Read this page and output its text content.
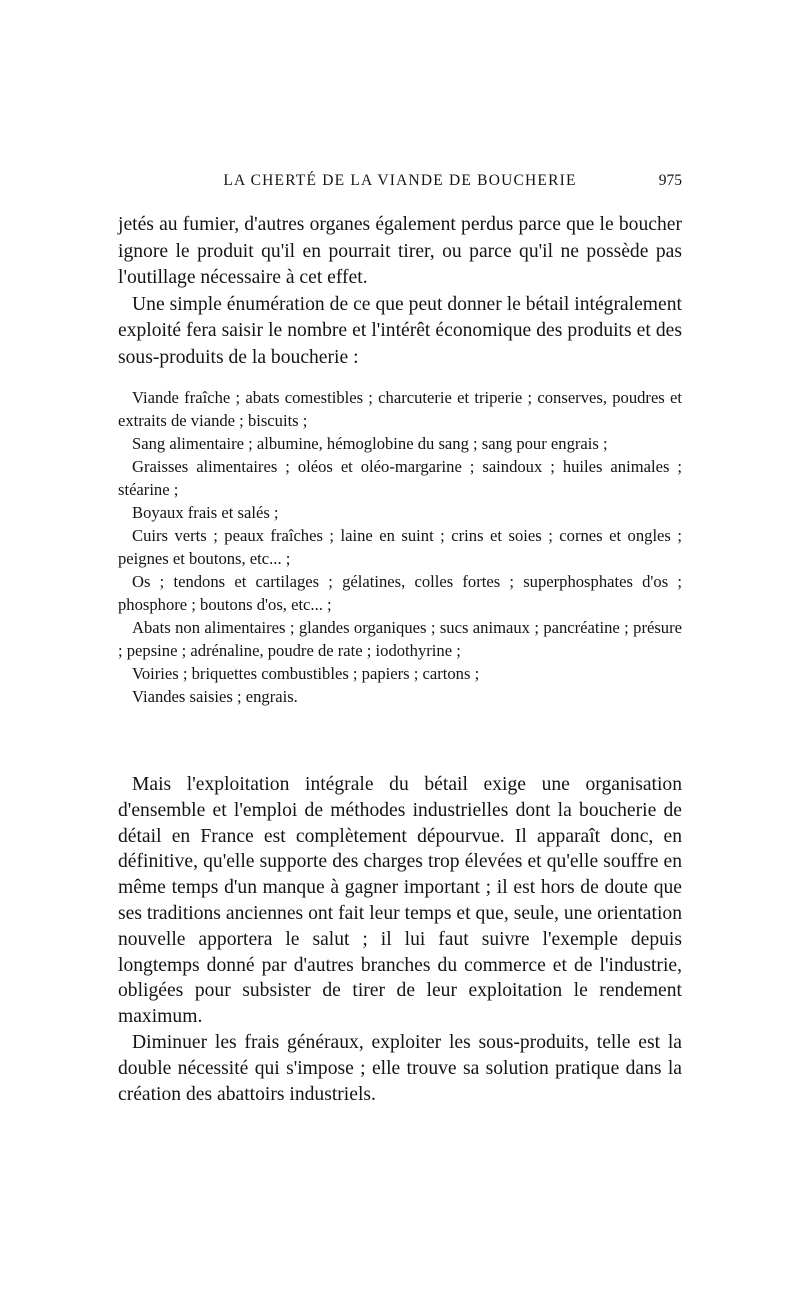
LA CHERTÉ DE LA VIANDE DE BOUCHERIE	975

jetés au fumier, d'autres organes également perdus parce que le boucher ignore le produit qu'il en pourrait tirer, ou parce qu'il ne possède pas l'outillage nécessaire à cet effet.

Une simple énumération de ce que peut donner le bétail intégralement exploité fera saisir le nombre et l'intérêt économique des produits et des sous-produits de la boucherie :

Viande fraîche ; abats comestibles ; charcuterie et triperie ; conserves, poudres et extraits de viande ; biscuits ;

Sang alimentaire ; albumine, hémoglobine du sang ; sang pour engrais ;

Graisses alimentaires ; oléos et oléo-margarine ; saindoux ; huiles animales ; stéarine ;

Boyaux frais et salés ;

Cuirs verts ; peaux fraîches ; laine en suint ; crins et soies ; cornes et ongles ; peignes et boutons, etc... ;

Os ; tendons et cartilages ; gélatines, colles fortes ; superphosphates d'os ; phosphore ; boutons d'os, etc... ;

Abats non alimentaires ; glandes organiques ; sucs animaux ; pancréatine ; présure ; pepsine ; adrénaline, poudre de rate ; iodothyrine ;

Voiries ; briquettes combustibles ; papiers ; cartons ;

Viandes saisies ; engrais.

Mais l'exploitation intégrale du bétail exige une organisation d'ensemble et l'emploi de méthodes industrielles dont la boucherie de détail en France est complètement dépourvue. Il apparaît donc, en définitive, qu'elle supporte des charges trop élevées et qu'elle souffre en même temps d'un manque à gagner important ; il est hors de doute que ses traditions anciennes ont fait leur temps et que, seule, une orientation nouvelle apportera le salut ; il lui faut suivre l'exemple depuis longtemps donné par d'autres branches du commerce et de l'industrie, obligées pour subsister de tirer de leur exploitation le rendement maximum.

Diminuer les frais généraux, exploiter les sous-produits, telle est la double nécessité qui s'impose ; elle trouve sa solution pratique dans la création des abattoirs industriels.
